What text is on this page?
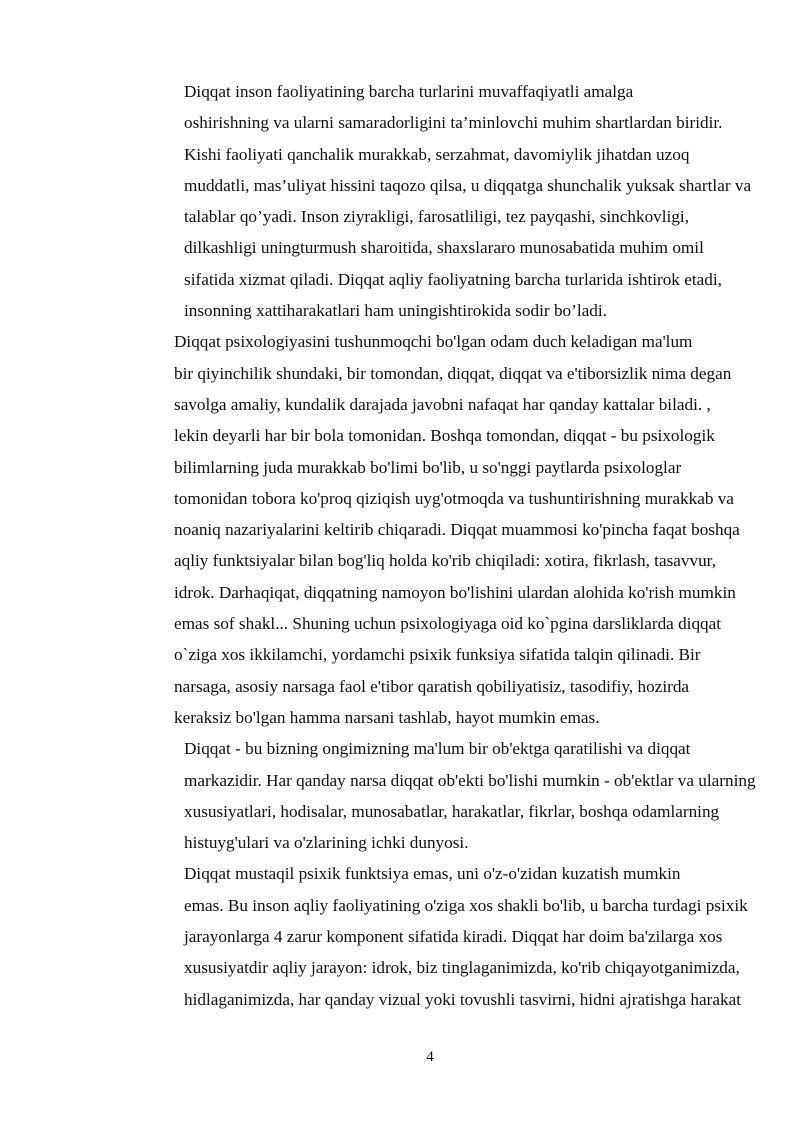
Diqqat inson faoliyatining barcha turlarini muvaffaqiyatli amalga
oshirishning va ularni samaradorligini ta’minlovchi muhim shartlardan biridir.
Kishi faoliyati qanchalik murakkab, serzahmat, davomiylik jihatdan uzoq
muddatli, mas’uliyat hissini taqozo qilsa, u diqqatga shunchalik yuksak shartlar va
talablar qo’yadi. Inson ziyrakligi, farosatliligi, tez payqashi, sinchkovligi,
dilkashligi uningturmush sharoitida, shaxslararo munosabatida muhim omil
sifatida xizmat qiladi. Diqqat aqliy faoliyatning barcha turlarida ishtirok etadi,
insonning xattiharakatlari ham uningishtirokida sodir bo’ladi.

Diqqat psixologiyasini tushunmoqchi bo'lgan odam duch keladigan ma'lum
bir qiyinchilik shundaki, bir tomondan, diqqat, diqqat va e'tiborsizlik nima degan
savolga amaliy, kundalik darajada javobni nafaqat har qanday kattalar biladi. ,
lekin deyarli har bir bola tomonidan. Boshqa tomondan, diqqat - bu psixologik
bilimlarning juda murakkab bo'limi bo'lib, u so'nggi paytlarda psixologlar
tomonidan tobora ko'proq qiziqish uyg'otmoqda va tushuntirishning murakkab va
noaniq nazariyalarini keltirib chiqaradi. Diqqat muammosi ko'pincha faqat boshqa
aqliy funktsiyalar bilan bog'liq holda ko'rib chiqiladi: xotira, fikrlash, tasavvur,
idrok. Darhaqiqat, diqqatning namoyon bo'lishini ulardan alohida ko'rish mumkin
emas sof shakl... Shuning uchun psixologiyaga oid ko`pgina darsliklarda diqqat
o`ziga xos ikkilamchi, yordamchi psixik funksiya sifatida talqin qilinadi. Bir
narsaga, asosiy narsaga faol e'tibor qaratish qobiliyatisiz, tasodifiy, hozirda
keraksiz bo'lgan hamma narsani tashlab, hayot mumkin emas.

Diqqat - bu bizning ongimizning ma'lum bir ob'ektga qaratilishi va diqqat
markazidir. Har qanday narsa diqqat ob'ekti bo'lishi mumkin - ob'ektlar va ularning
xususiyatlari, hodisalar, munosabatlar, harakatlar, fikrlar, boshqa odamlarning
histuyg'ulari va o'zlarining ichki dunyosi.

Diqqat mustaqil psixik funktsiya emas, uni o'z-o'zidan kuzatish mumkin
emas. Bu inson aqliy faoliyatining o'ziga xos shakli bo'lib, u barcha turdagi psixik
jarayonlarga 4 zarur komponent sifatida kiradi. Diqqat har doim ba'zilarga xos
xususiyatdir aqliy jarayon: idrok, biz tinglaganimizda, ko'rib chiqayotganimizda,
hidlaganimizda, har qanday vizual yoki tovushli tasvirni, hidni ajratishga harakat

4
